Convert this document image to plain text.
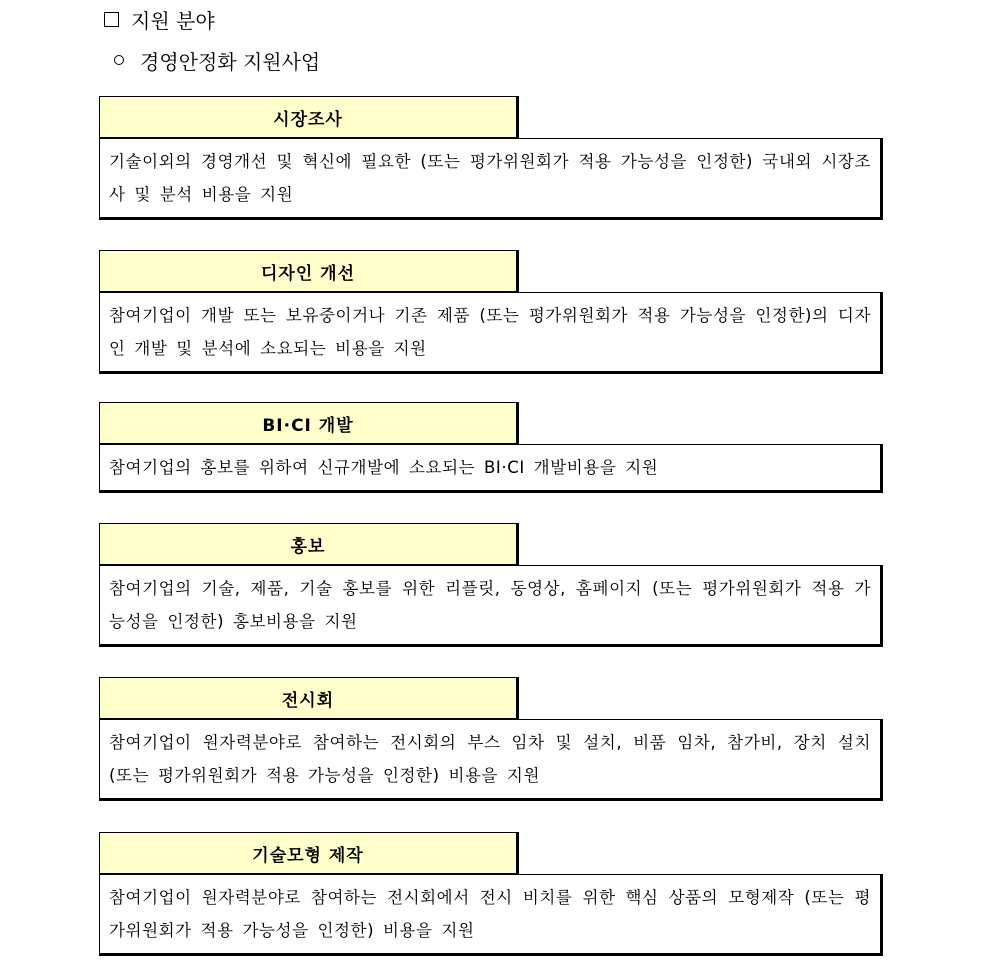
지원 분야
경영안정화 지원사업
시장조사
기술이외의 경영개선 및 혁신에 필요한 (또는 평가위원회가 적용 가능성을 인정한) 국내외 시장조사 및 분석 비용을 지원
디자인 개선
참여기업이 개발 또는 보유중이거나 기존 제품 (또는 평가위원회가 적용 가능성을 인정한)의 디자인 개발 및 분석에 소요되는 비용을 지원
BI·CI 개발
참여기업의 홍보를 위하여 신규개발에 소요되는 BI·CI 개발비용을 지원
홍보
참여기업의 기술, 제품, 기술 홍보를 위한 리플릿, 동영상, 홈페이지 (또는 평가위원회가 적용 가능성을 인정한) 홍보비용을 지원
전시회
참여기업이 원자력분야로 참여하는 전시회의 부스 임차 및 설치, 비품 임차, 참가비, 장치 설치 (또는 평가위원회가 적용 가능성을 인정한) 비용을 지원
기술모형 제작
참여기업이 원자력분야로 참여하는 전시회에서 전시 비치를 위한 핵심 상품의 모형제작 (또는 평가위원회가 적용 가능성을 인정한) 비용을 지원
